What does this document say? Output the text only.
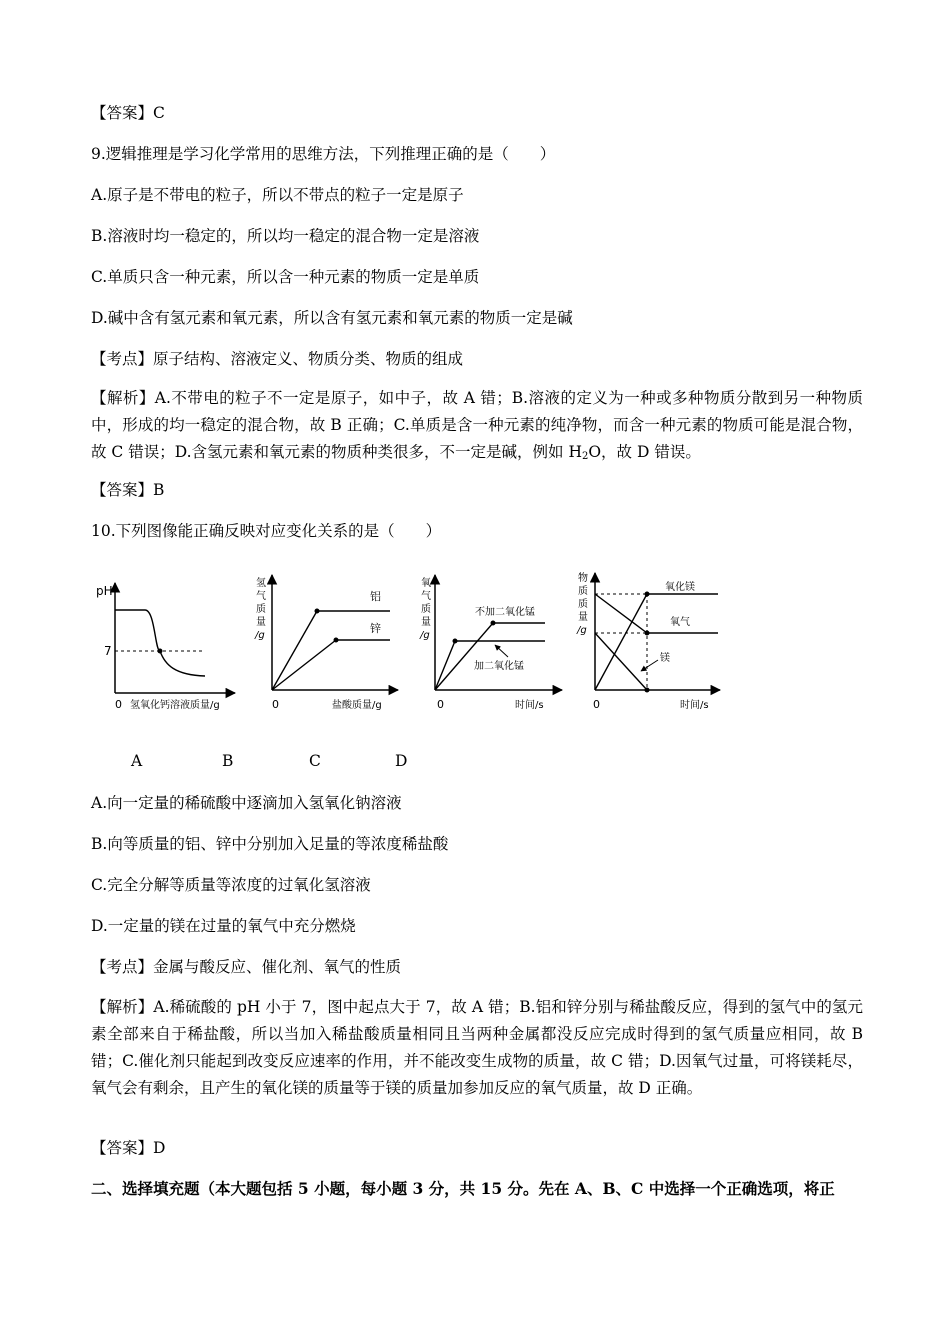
【答案】C
9.逻辑推理是学习化学常用的思维方法，下列推理正确的是（　　）
A.原子是不带电的粒子，所以不带点的粒子一定是原子
B.溶液时均一稳定的，所以均一稳定的混合物一定是溶液
C.单质只含一种元素，所以含一种元素的物质一定是单质
D.碱中含有氢元素和氧元素，所以含有氢元素和氧元素的物质一定是碱
【考点】原子结构、溶液定义、物质分类、物质的组成
【解析】A.不带电的粒子不一定是原子，如中子，故 A 错；B.溶液的定义为一种或多种物质分散到另一种物质中，形成的均一稳定的混合物，故 B 正确；C.单质是含一种元素的纯净物，而含一种元素的物质可能是混合物，故 C 错误；D.含氢元素和氧元素的物质种类很多，不一定是碱，例如 $H_2O$，故 D 错误。
【答案】B
10.下列图像能正确反映对应变化关系的是（　　）
pH
7
0 氢氧化钙溶液质量/g
氢
气
质
量
/g
铝
锌
0	盐酸质量/g
氧
气
质
量
/g
不加二氧化锰
加二氧化锰
0	时间/s
物
质
质
量
/g
氧化镁
氧气
镁
0	时间/s
A	B	C	D
A.向一定量的稀硫酸中逐滴加入氢氧化钠溶液
B.向等质量的铝、锌中分别加入足量的等浓度稀盐酸
C.完全分解等质量等浓度的过氧化氢溶液
D.一定量的镁在过量的氧气中充分燃烧
【考点】金属与酸反应、催化剂、氧气的性质
【解析】A.稀硫酸的 pH 小于 7，图中起点大于 7，故 A 错；B.铝和锌分别与稀盐酸反应，得到的氢气中的氢元素全部来自于稀盐酸，所以当加入稀盐酸质量相同且当两种金属都没反应完成时得到的氢气质量应相同，故 B 错；C.催化剂只能起到改变反应速率的作用，并不能改变生成物的质量，故 C 错；D.因氧气过量，可将镁耗尽，氧气会有剩余，且产生的氧化镁的质量等于镁的质量加参加反应的氧气质量，故 D 正确。
【答案】D
二、选择填充题（本大题包括 5 小题，每小题 3 分，共 15 分。先在 A、B、C 中选择一个正确选项，将正
